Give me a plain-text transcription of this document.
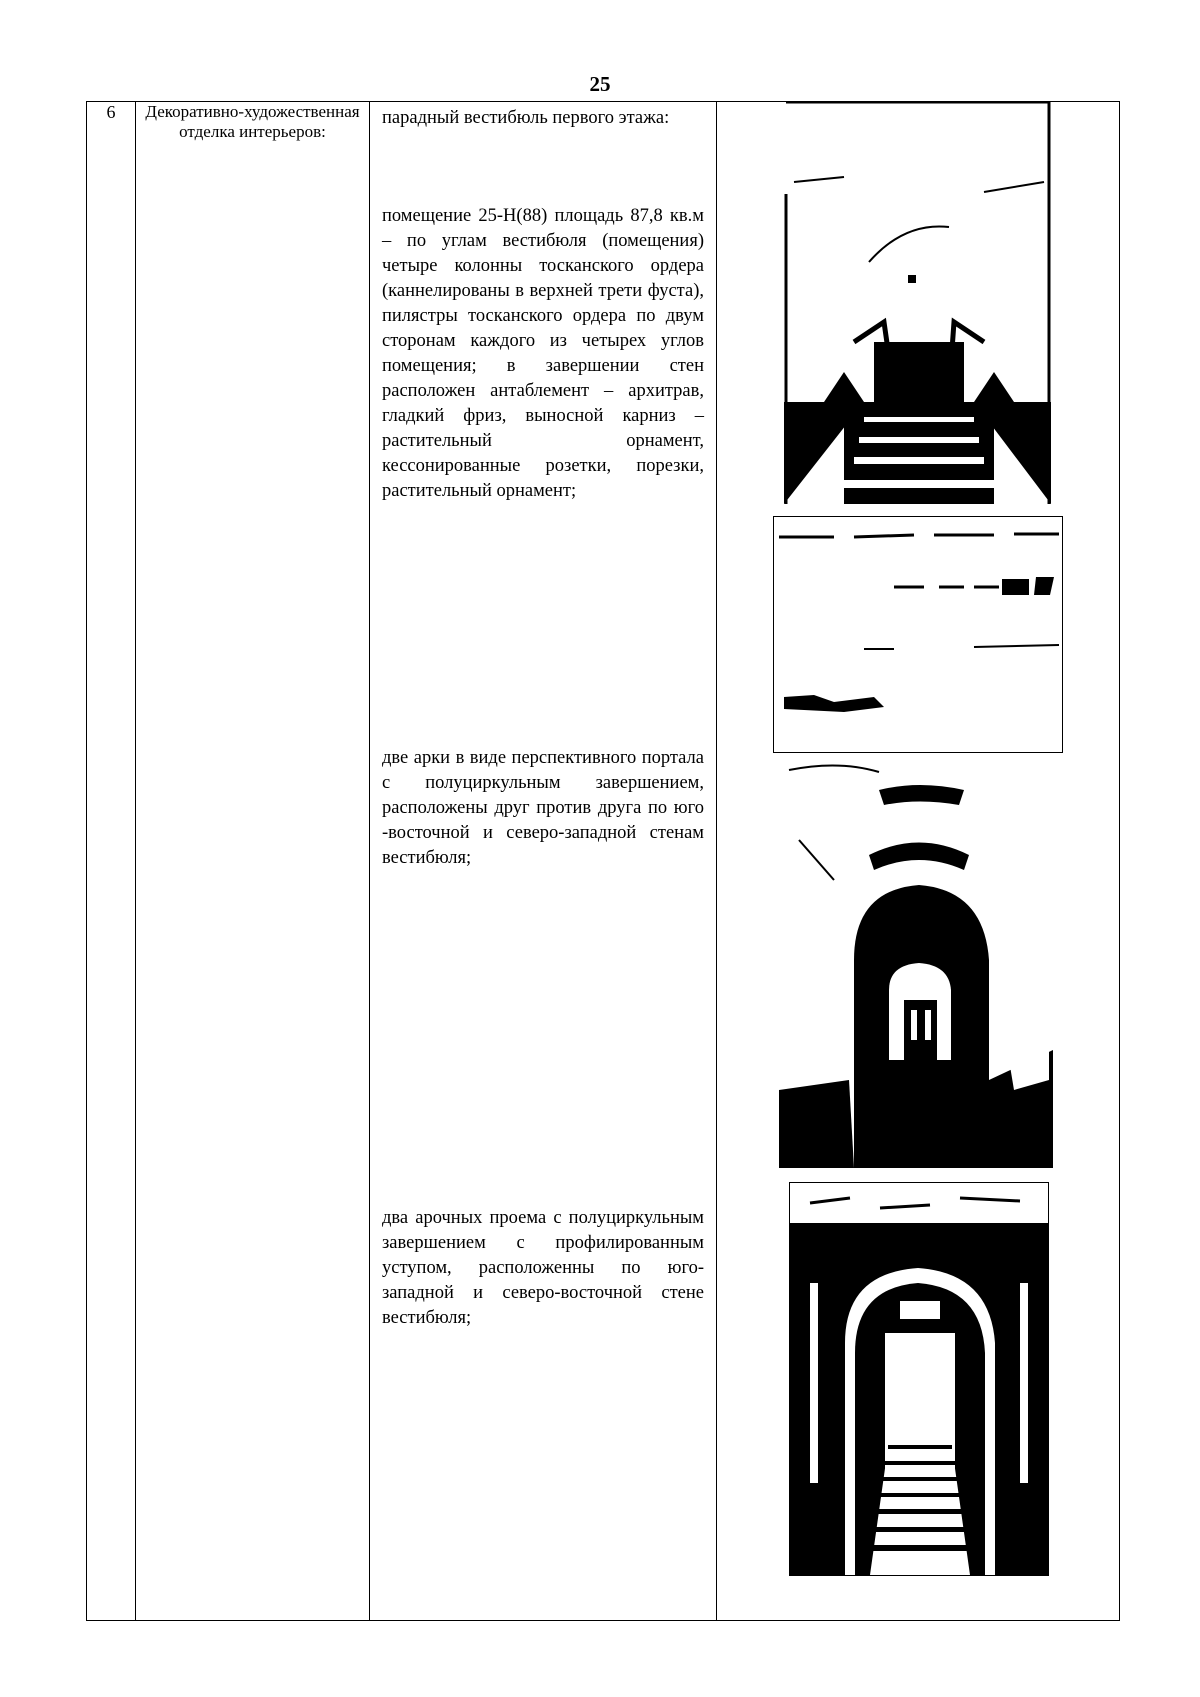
25
6	Декоративно-художественная отделка интерьеров:	

парадный вестибюль первого этажа:

помещение 25-Н(88) площадь 87,8 кв.м – по углам вестибюля (помещения) четыре колонны тосканского ордера (каннелированы в верхней трети фуста), пилястры тосканского ордера по двум сторонам каждого из четырех углов помещения; в завершении стен расположен антаблемент – архитрав, гладкий фриз, выносной карниз – растительный орнамент, кессонированные розетки, порезки, растительный орнамент;

две арки в виде перспективного портала с полуциркульным завершением, расположены друг против друга по юго -восточной и северо-западной стенам вестибюля;

два арочных проема с полуциркульным завершением с профилированным уступом, расположенны по юго-западной и северо-восточной стене вестибюля;
